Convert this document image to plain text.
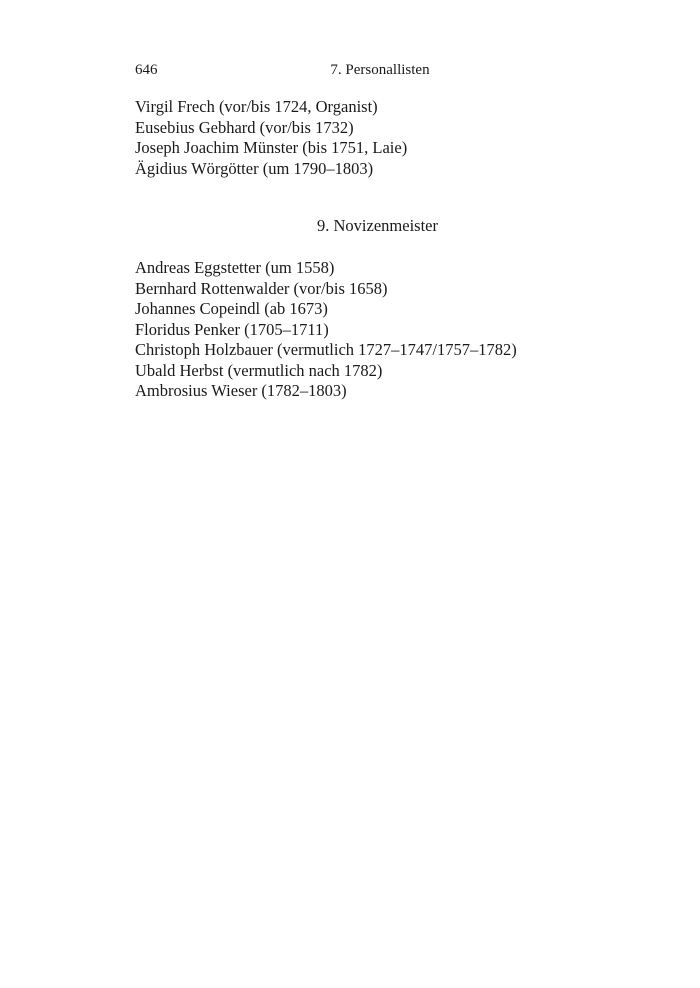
646	7. Personallisten
Virgil Frech (vor/bis 1724, Organist)
Eusebius Gebhard (vor/bis 1732)
Joseph Joachim Münster (bis 1751, Laie)
Ägidius Wörgötter (um 1790–1803)
9. Novizenmeister
Andreas Eggstetter (um 1558)
Bernhard Rottenwalder (vor/bis 1658)
Johannes Copeindl (ab 1673)
Floridus Penker (1705–1711)
Christoph Holzbauer (vermutlich 1727–1747/1757–1782)
Ubald Herbst (vermutlich nach 1782)
Ambrosius Wieser (1782–1803)
